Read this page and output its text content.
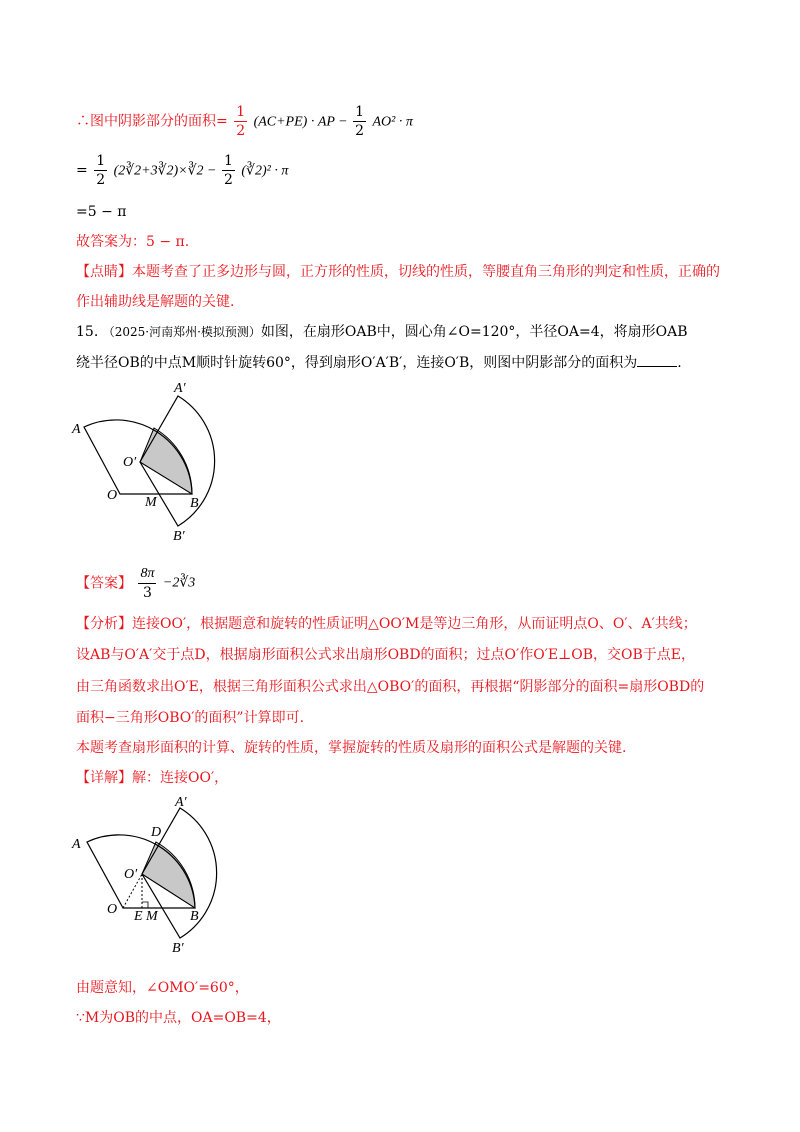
∴图中阴影部分的面积= $\frac{1}{2} (AC+PE)$ · AP − $\frac{1}{2} AO^2 \cdot \pi$
= $\frac{1}{2}$ (2∛2+3∛2)×∛2 − $\frac{1}{2}$ (∛2)² · π
=5 − π
故答案为：5 − π.
【点睛】本题考查了正多边形与圆，正方形的性质，切线的性质，等腰直角三角形的判定和性质，正确的
作出辅助线是解题的关键.
15. （2025·河南郑州·模拟预测）如图，在扇形OAB中，圆心角∠O=120°，半径OA=4，将扇形OAB
绕半径OB的中点M顺时针旋转60°，得到扇形O′A′B′，连接O′B，则图中阴影部分的面积为	.
A
A′
O′
O M B
B′
【答案】 $\frac{8\pi}{3}$ −2∛3
【分析】连接OO′，根据题意和旋转的性质证明△OO′M是等边三角形，从而证明点O、O′、A′共线；
设AB与O′A′交于点D，根据扇形面积公式求出扇形OBD的面积；过点O′作O′E⊥OB，交OB于点E，
由三角函数求出O′E，根据三角形面积公式求出△OBO′的面积，再根据“阴影部分的面积=扇形OBD的
面积−三角形OBO′的面积”计算即可.
本题考查扇形面积的计算、旋转的性质，掌握旋转的性质及扇形的面积公式是解题的关键.
【详解】解：连接OO′，
A
A′
D
O′
O E M B
B′
由题意知，∠OMO′=60°，
∵M为OB的中点，OA=OB=4，
